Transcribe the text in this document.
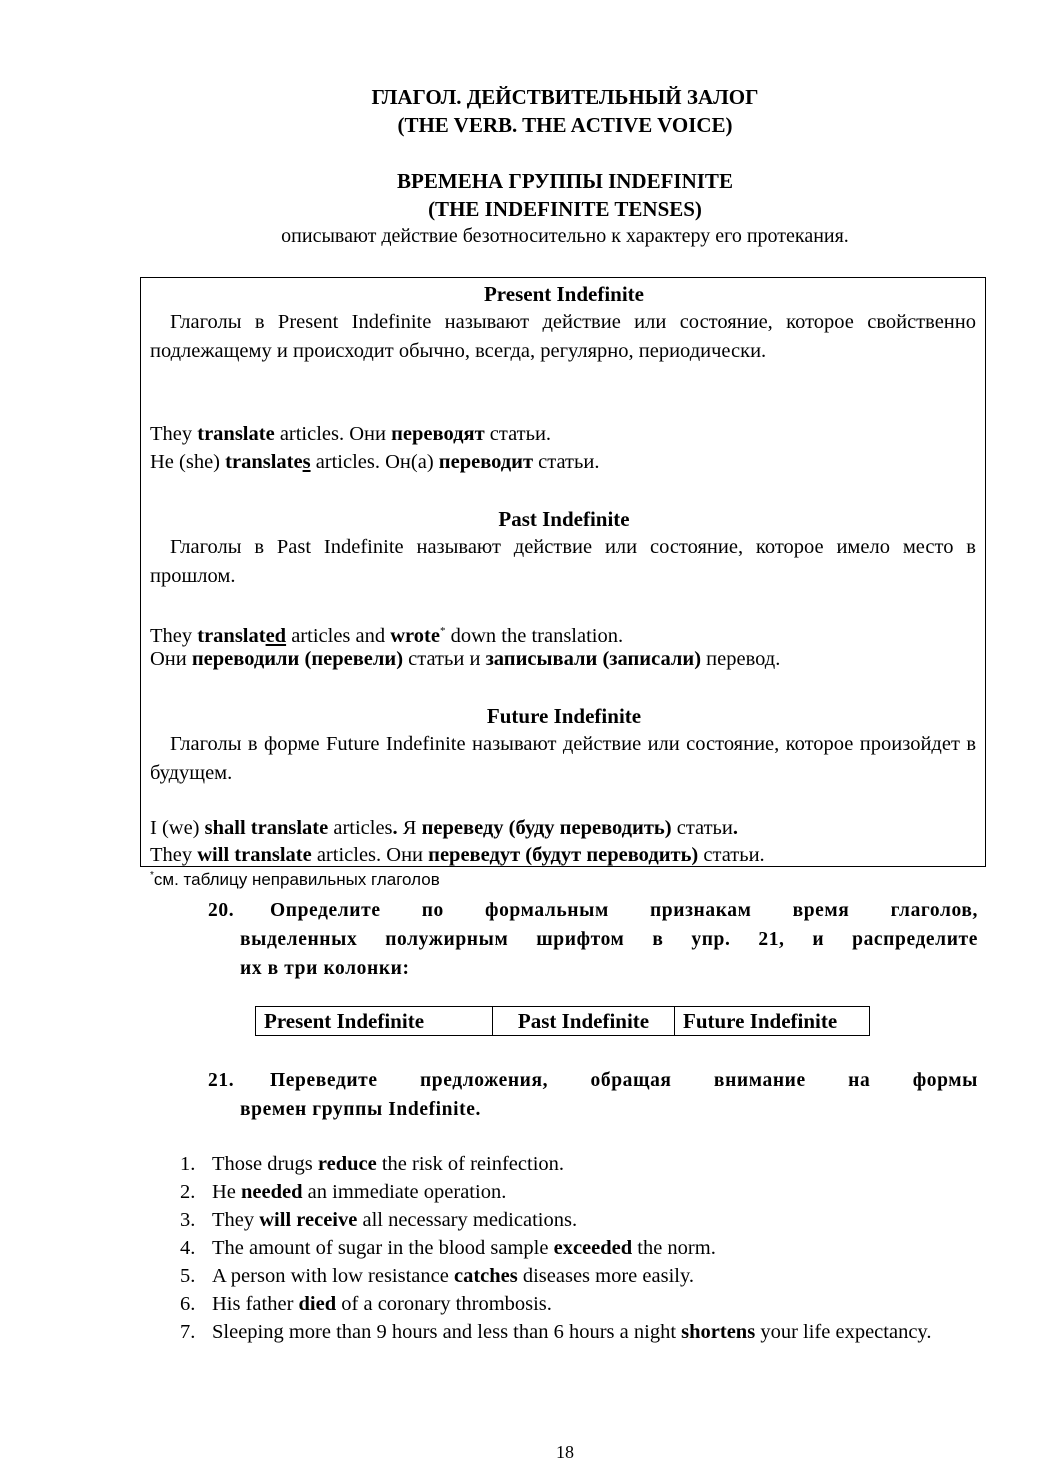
ГЛАГОЛ. ДЕЙСТВИТЕЛЬНЫЙ ЗАЛОГ
(THE VERB. THE ACTIVE VOICE)
ВРЕМЕНА ГРУППЫ INDEFINITE
(THE INDEFINITE TENSES)
описывают действие безотносительно к характеру его протекания.
Present Indefinite
Глаголы в Present Indefinite называют действие или состояние, которое свойственно подлежащему и происходит обычно, всегда, регулярно, периодически.
They translate articles. Они переводят статьи.
He (she) translates articles. Он(а) переводит статьи.
Past Indefinite
Глаголы в Past Indefinite называют действие или состояние, которое имело место в прошлом.
They translated articles and wrote* down the translation.
Они переводили (перевели) статьи и записывали (записали) перевод.
Future Indefinite
Глаголы в форме Future Indefinite называют действие или состояние, которое произойдет в будущем.
I (we) shall translate articles. Я переведу (буду переводить) статьи.
They will translate articles. Они переведут (будут переводить) статьи.
*см. таблицу неправильных глаголов
20. Определите по формальным признакам время глаголов,
выделенных полужирным шрифтом в упр. 21, и распределите
их в три колонки:
Present Indefinite	Past Indefinite	Future Indefinite
21. Переведите предложения, обращая внимание на формы
времен группы Indefinite.
1. Those drugs reduce the risk of reinfection.
2. He needed an immediate operation.
3. They will receive all necessary medications.
4. The amount of sugar in the blood sample exceeded the norm.
5. A person with low resistance catches diseases more easily.
6. His father died of a coronary thrombosis.
7. Sleeping more than 9 hours and less than 6 hours a night shortens your life expectancy.
18
